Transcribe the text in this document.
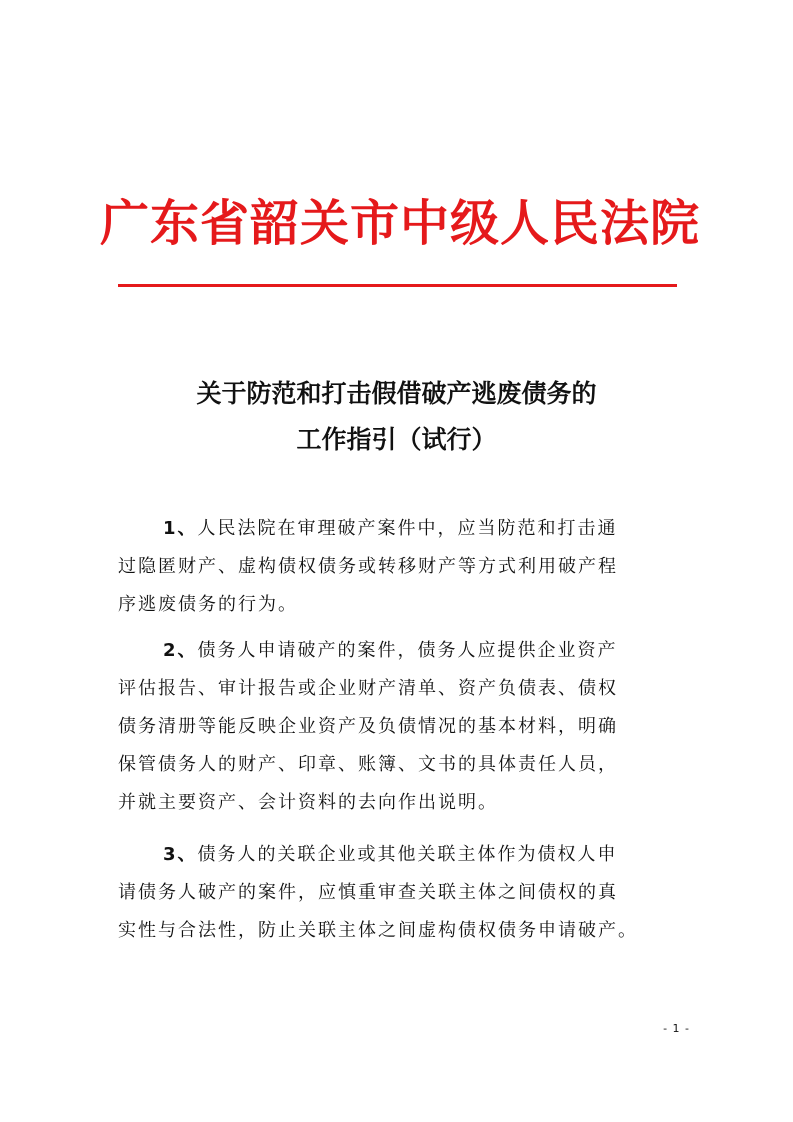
广东省韶关市中级人民法院
关于防范和打击假借破产逃废债务的
工作指引（试行）
1、人民法院在审理破产案件中，应当防范和打击通
过隐匿财产、虚构债权债务或转移财产等方式利用破产程
序逃废债务的行为。
2、债务人申请破产的案件，债务人应提供企业资产
评估报告、审计报告或企业财产清单、资产负债表、债权
债务清册等能反映企业资产及负债情况的基本材料，明确
保管债务人的财产、印章、账簿、文书的具体责任人员，
并就主要资产、会计资料的去向作出说明。
3、债务人的关联企业或其他关联主体作为债权人申
请债务人破产的案件，应慎重审查关联主体之间债权的真
实性与合法性，防止关联主体之间虚构债权债务申请破产。
- 1 -
